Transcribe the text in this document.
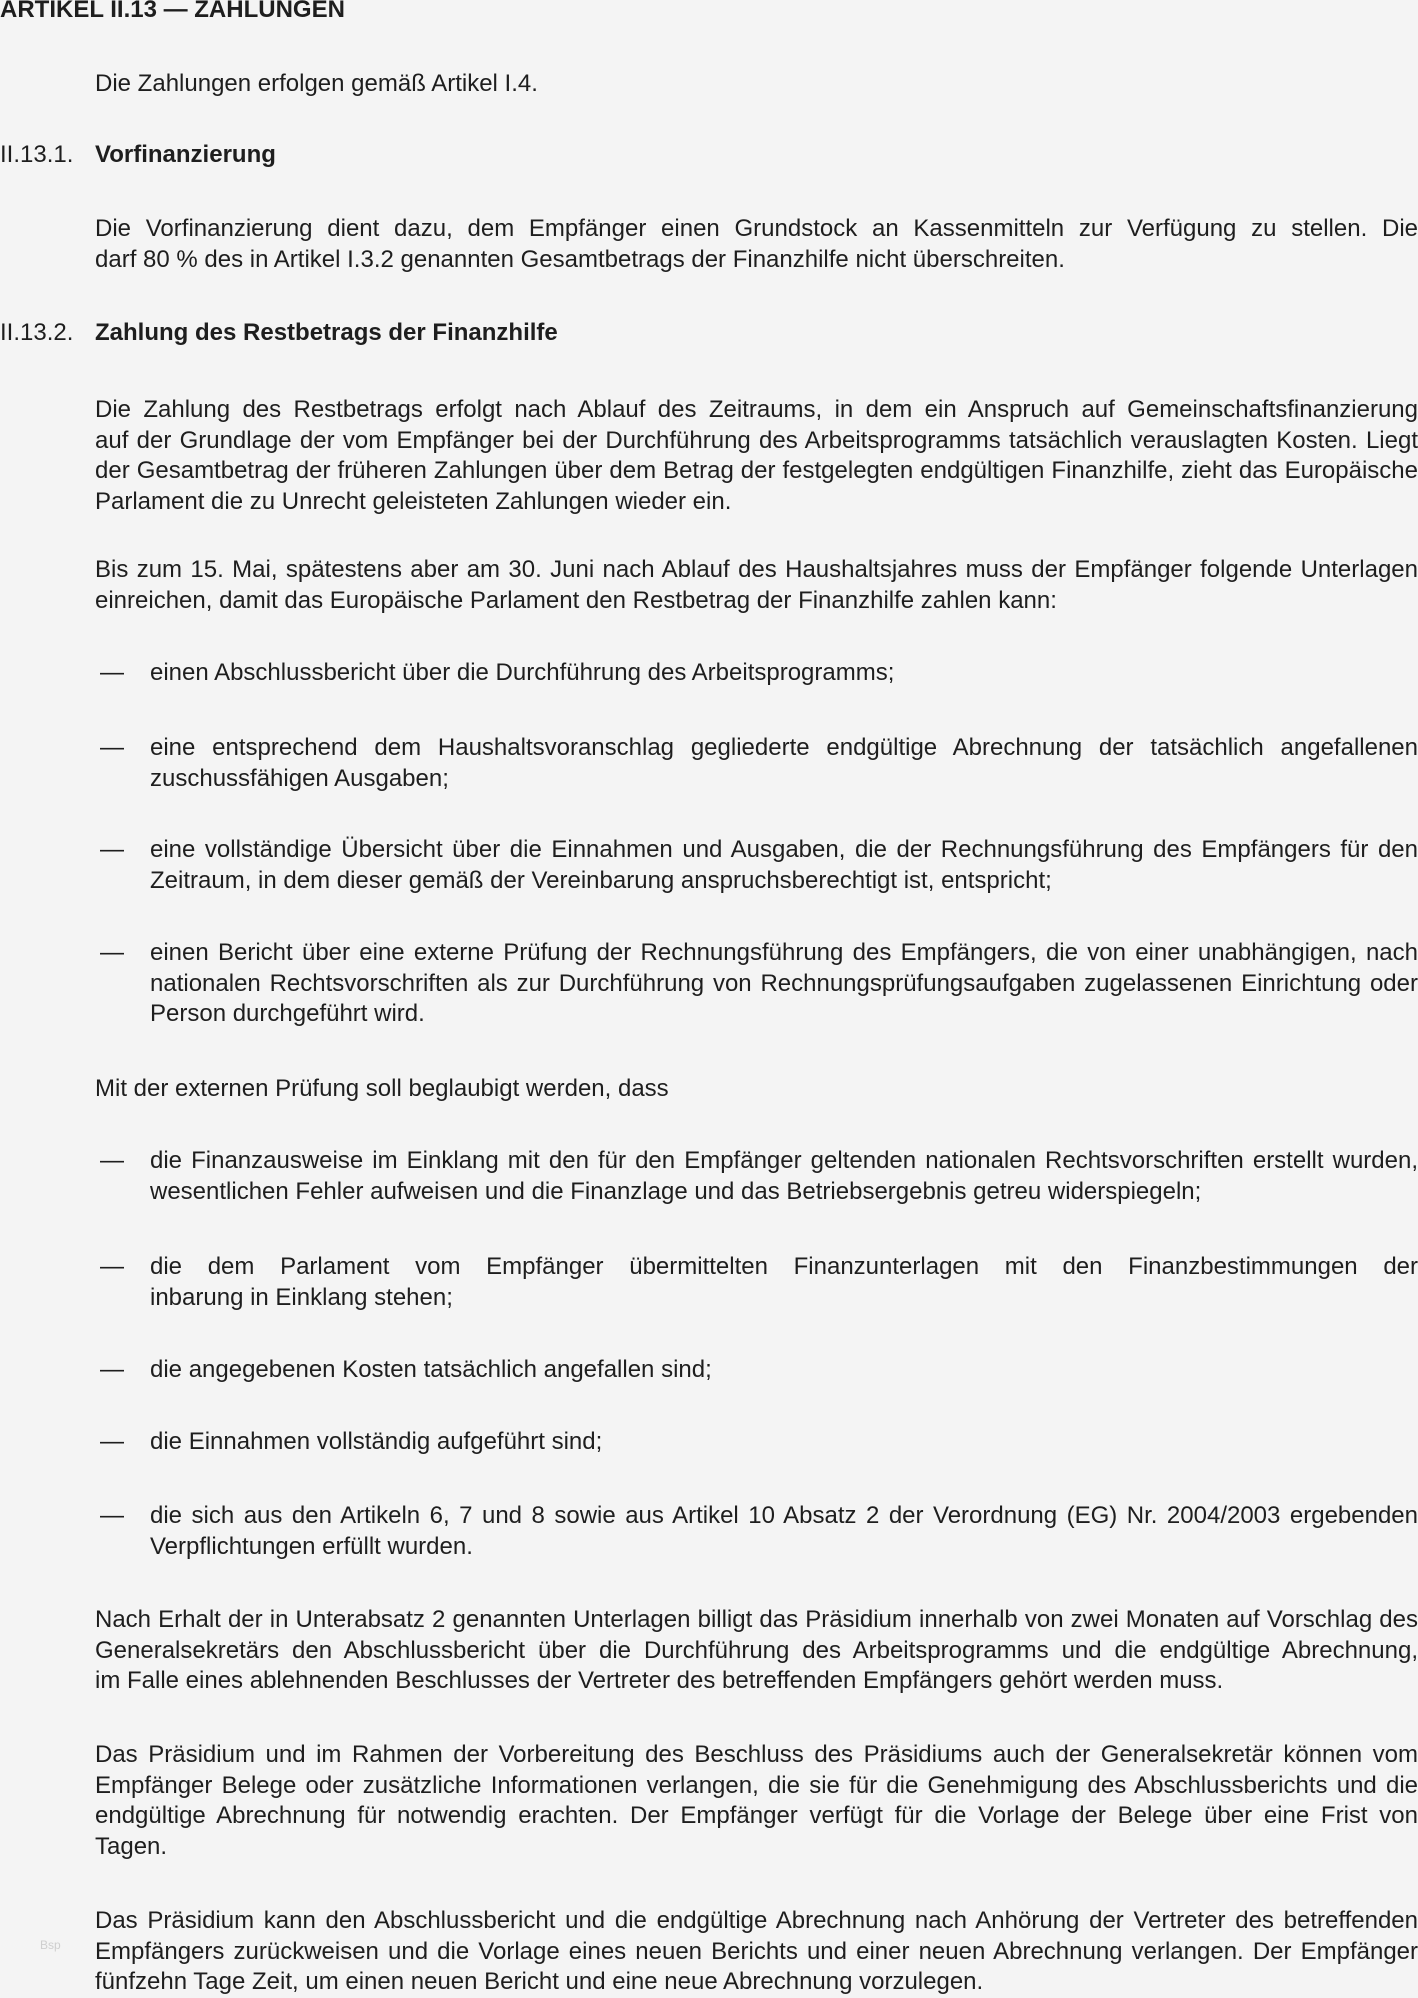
ARTIKEL II.13 — ZAHLUNGEN
Die Zahlungen erfolgen gemäß Artikel I.4.
II.13.1. Vorfinanzierung
Die Vorfinanzierung dient dazu, dem Empfänger einen Grundstock an Kassenmitteln zur Verfügung zu stellen. Die
darf 80 % des in Artikel I.3.2 genannten Gesamtbetrags der Finanzhilfe nicht überschreiten.
II.13.2. Zahlung des Restbetrags der Finanzhilfe
Die Zahlung des Restbetrags erfolgt nach Ablauf des Zeitraums, in dem ein Anspruch auf Gemeinschaftsfinanzierung
auf der Grundlage der vom Empfänger bei der Durchführung des Arbeitsprogramms tatsächlich verauslagten Kosten. Liegt
der Gesamtbetrag der früheren Zahlungen über dem Betrag der festgelegten endgültigen Finanzhilfe, zieht das Europäische
Parlament die zu Unrecht geleisteten Zahlungen wieder ein.
Bis zum 15. Mai, spätestens aber am 30. Juni nach Ablauf des Haushaltsjahres muss der Empfänger folgende Unterlagen
einreichen, damit das Europäische Parlament den Restbetrag der Finanzhilfe zahlen kann:
— einen Abschlussbericht über die Durchführung des Arbeitsprogramms;
— eine entsprechend dem Haushaltsvoranschlag gegliederte endgültige Abrechnung der tatsächlich angefallenen
zuschussfähigen Ausgaben;
— eine vollständige Übersicht über die Einnahmen und Ausgaben, die der Rechnungsführung des Empfängers für den
Zeitraum, in dem dieser gemäß der Vereinbarung anspruchsberechtigt ist, entspricht;
— einen Bericht über eine externe Prüfung der Rechnungsführung des Empfängers, die von einer unabhängigen, nach
nationalen Rechtsvorschriften als zur Durchführung von Rechnungsprüfungsaufgaben zugelassenen Einrichtung oder
Person durchgeführt wird.
Mit der externen Prüfung soll beglaubigt werden, dass
— die Finanzausweise im Einklang mit den für den Empfänger geltenden nationalen Rechtsvorschriften erstellt wurden,
wesentlichen Fehler aufweisen und die Finanzlage und das Betriebsergebnis getreu widerspiegeln;
— die dem Parlament vom Empfänger übermittelten Finanzunterlagen mit den Finanzbestimmungen der
inbarung in Einklang stehen;
— die angegebenen Kosten tatsächlich angefallen sind;
— die Einnahmen vollständig aufgeführt sind;
— die sich aus den Artikeln 6, 7 und 8 sowie aus Artikel 10 Absatz 2 der Verordnung (EG) Nr. 2004/2003 ergebenden
Verpflichtungen erfüllt wurden.
Nach Erhalt der in Unterabsatz 2 genannten Unterlagen billigt das Präsidium innerhalb von zwei Monaten auf Vorschlag des
Generalsekretärs den Abschlussbericht über die Durchführung des Arbeitsprogramms und die endgültige Abrechnung,
im Falle eines ablehnenden Beschlusses der Vertreter des betreffenden Empfängers gehört werden muss.
Das Präsidium und im Rahmen der Vorbereitung des Beschluss des Präsidiums auch der Generalsekretär können vom
Empfänger Belege oder zusätzliche Informationen verlangen, die sie für die Genehmigung des Abschlussberichts und die
endgültige Abrechnung für notwendig erachten. Der Empfänger verfügt für die Vorlage der Belege über eine Frist von
Tagen.
Das Präsidium kann den Abschlussbericht und die endgültige Abrechnung nach Anhörung der Vertreter des betreffenden
Empfängers zurückweisen und die Vorlage eines neuen Berichts und einer neuen Abrechnung verlangen. Der Empfänger
fünfzehn Tage Zeit, um einen neuen Bericht und eine neue Abrechnung vorzulegen.
Bsp
